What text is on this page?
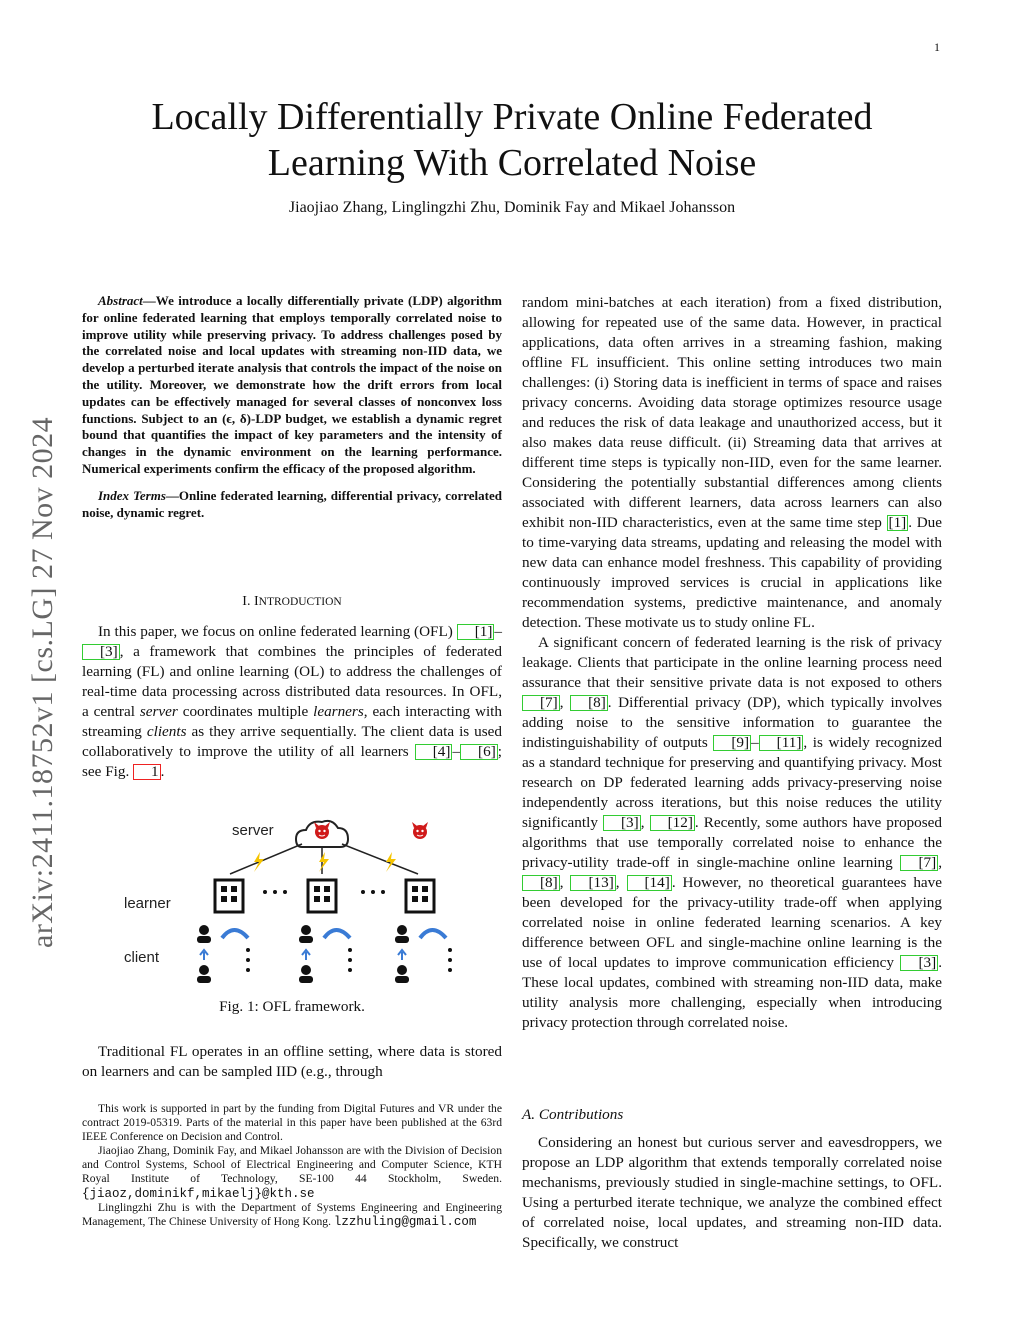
1
arXiv:2411.18752v1 [cs.LG] 27 Nov 2024
Locally Differentially Private Online Federated Learning With Correlated Noise
Jiaojiao Zhang, Linglingzhi Zhu, Dominik Fay and Mikael Johansson

Abstract—We introduce a locally differentially private (LDP) algorithm for online federated learning that employs temporally correlated noise to improve utility while preserving privacy. To address challenges posed by the correlated noise and local updates with streaming non-IID data, we develop a perturbed iterate analysis that controls the impact of the noise on the utility. Moreover, we demonstrate how the drift errors from local updates can be effectively managed for several classes of nonconvex loss functions. Subject to an (ϵ, δ)-LDP budget, we establish a dynamic regret bound that quantifies the impact of key parameters and the intensity of changes in the dynamic environment on the learning performance. Numerical experiments confirm the efficacy of the proposed algorithm.

Index Terms—Online federated learning, differential privacy, correlated noise, dynamic regret.

I. INTRODUCTION

In this paper, we focus on online federated learning (OFL) [1] –[3] , a framework that combines the principles of federated learning (FL) and online learning (OL) to address the challenges of real-time data processing across distributed data resources. In OFL, a central server coordinates multiple learners, each interacting with streaming clients as they arrive sequentially. The client data is used collaboratively to improve the utility of all learners [4] – [6] ; see Fig. 1 .

server
learner
client
Fig. 1: OFL framework.

Traditional FL operates in an offline setting, where data is stored on learners and can be sampled IID (e.g., through

This work is supported in part by the funding from Digital Futures and VR under the contract 2019-05319. Parts of the material in this paper have been published at the 63rd IEEE Conference on Decision and Control.

Jiaojiao Zhang, Dominik Fay, and Mikael Johansson are with the Division of Decision and Control Systems, School of Electrical Engineering and Computer Science, KTH Royal Institute of Technology, SE-100 44 Stockholm, Sweden. {jiaoz,dominikf,mikaelj}@kth.se

Linglingzhi Zhu is with the Department of Systems Engineering and Engineering Management, The Chinese University of Hong Kong. lzzhuling@gmail.com

random mini-batches at each iteration) from a fixed distribution, allowing for repeated use of the same data. However, in practical applications, data often arrives in a streaming fashion, making offline FL insufficient. This online setting introduces two main challenges: (i) Storing data is inefficient in terms of space and raises privacy concerns. Avoiding data storage optimizes resource usage and reduces the risk of data leakage and unauthorized access, but it also makes data reuse difficult. (ii) Streaming data that arrives at different time steps is typically non-IID, even for the same learner. Considering the potentially substantial differences among clients associated with different learners, data across learners can also exhibit non-IID characteristics, even at the same time step [1] . Due to time-varying data streams, updating and releasing the model with new data can enhance model freshness. This capability of providing continuously improved services is crucial in applications like recommendation systems, predictive maintenance, and anomaly detection. These motivate us to study online FL.

A significant concern of federated learning is the risk of privacy leakage. Clients that participate in the online learning process need assurance that their sensitive private data is not exposed to others [7] , [8] . Differential privacy (DP), which typically involves adding noise to the sensitive information to guarantee the indistinguishability of outputs [9] – [11] , is widely recognized as a standard technique for preserving and quantifying privacy. Most research on DP federated learning adds privacy-preserving noise independently across iterations, but this noise reduces the utility significantly [3] , [12] . Recently, some authors have proposed algorithms that use temporally correlated noise to enhance the privacy-utility trade-off in single-machine online learning [7] , [8] , [13] , [14] . However, no theoretical guarantees have been developed for the privacy-utility trade-off when applying correlated noise in online federated learning scenarios. A key difference between OFL and single-machine online learning is the use of local updates to improve communication efficiency [3] . These local updates, combined with streaming non-IID data, make utility analysis more challenging, especially when introducing privacy protection through correlated noise.

A. Contributions

Considering an honest but curious server and eavesdroppers, we propose an LDP algorithm that extends temporally correlated noise mechanisms, previously studied in single-machine settings, to OFL. Using a perturbed iterate technique, we analyze the combined effect of correlated noise, local updates, and streaming non-IID data. Specifically, we construct
